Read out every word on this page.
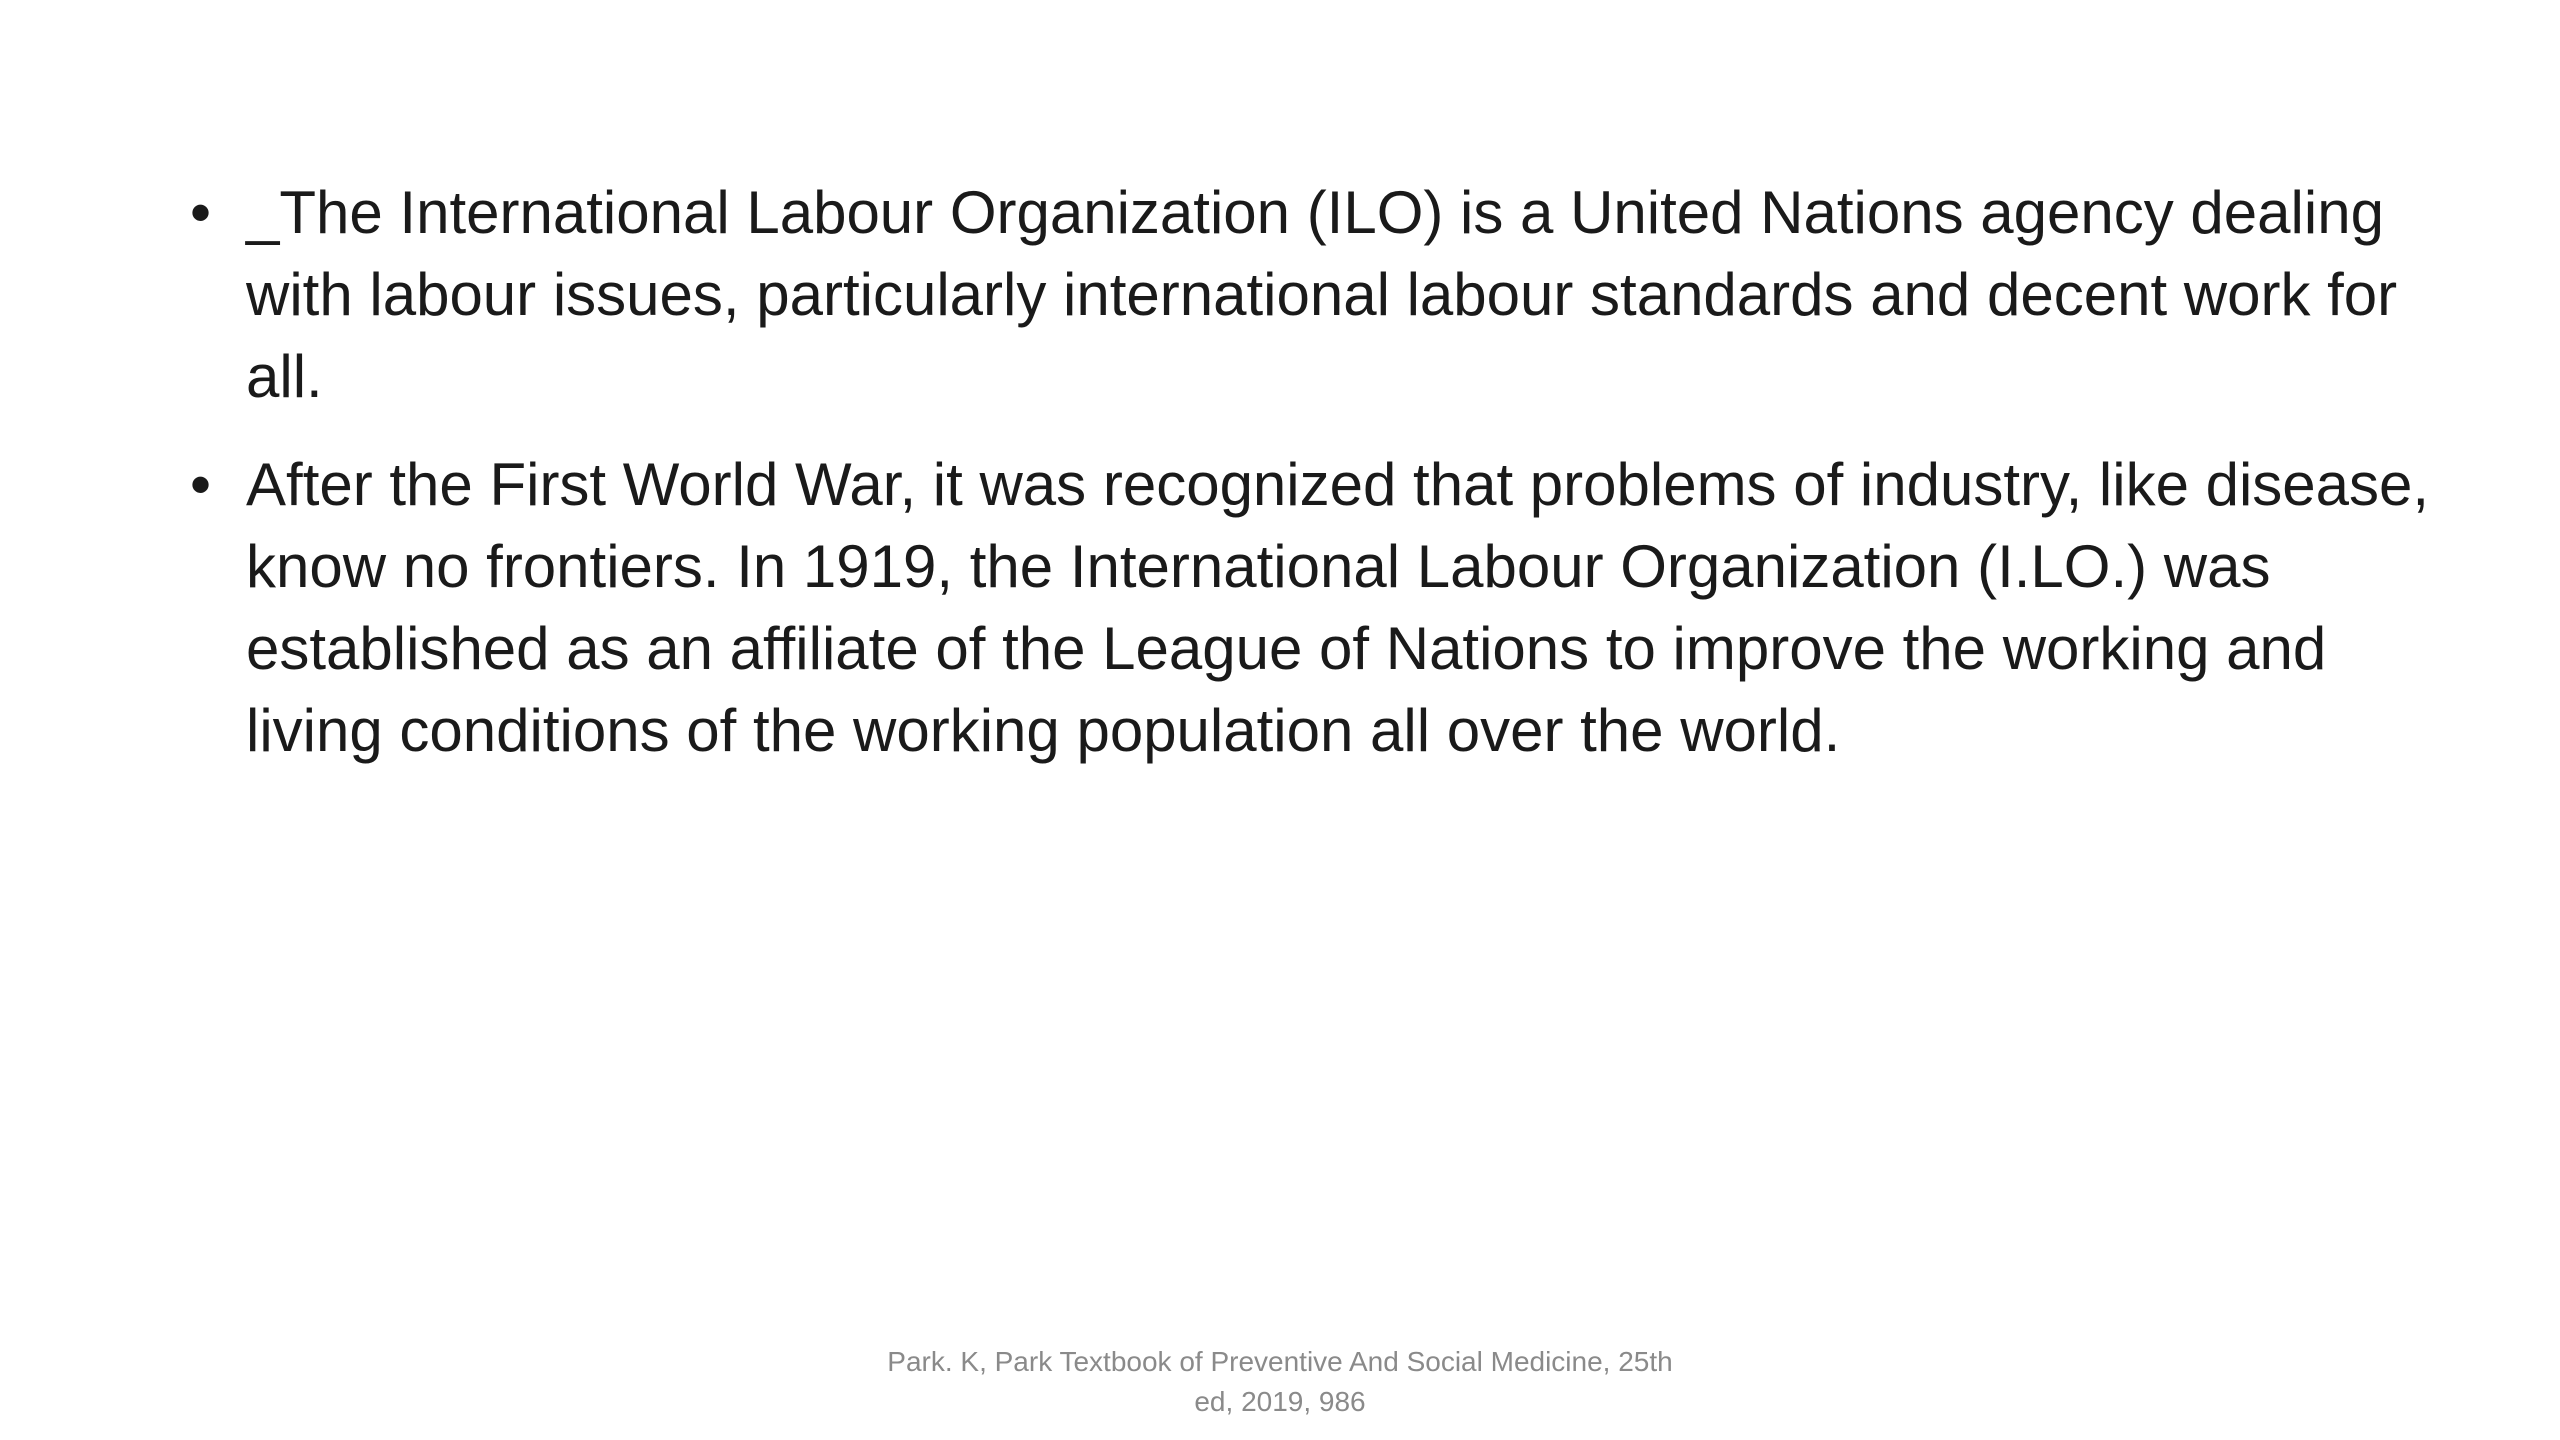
• _The International Labour Organization (ILO) is a United Nations agency dealing with labour issues, particularly international labour standards and decent work for all.
• After the First World War, it was recognized that problems of industry, like disease, know no frontiers. In 1919, the International Labour Organization (I.LO.) was established as an affiliate of the League of Nations to improve the working and living conditions of the working population all over the world.
Park. K, Park Textbook of Preventive And Social Medicine, 25th
ed, 2019, 986
